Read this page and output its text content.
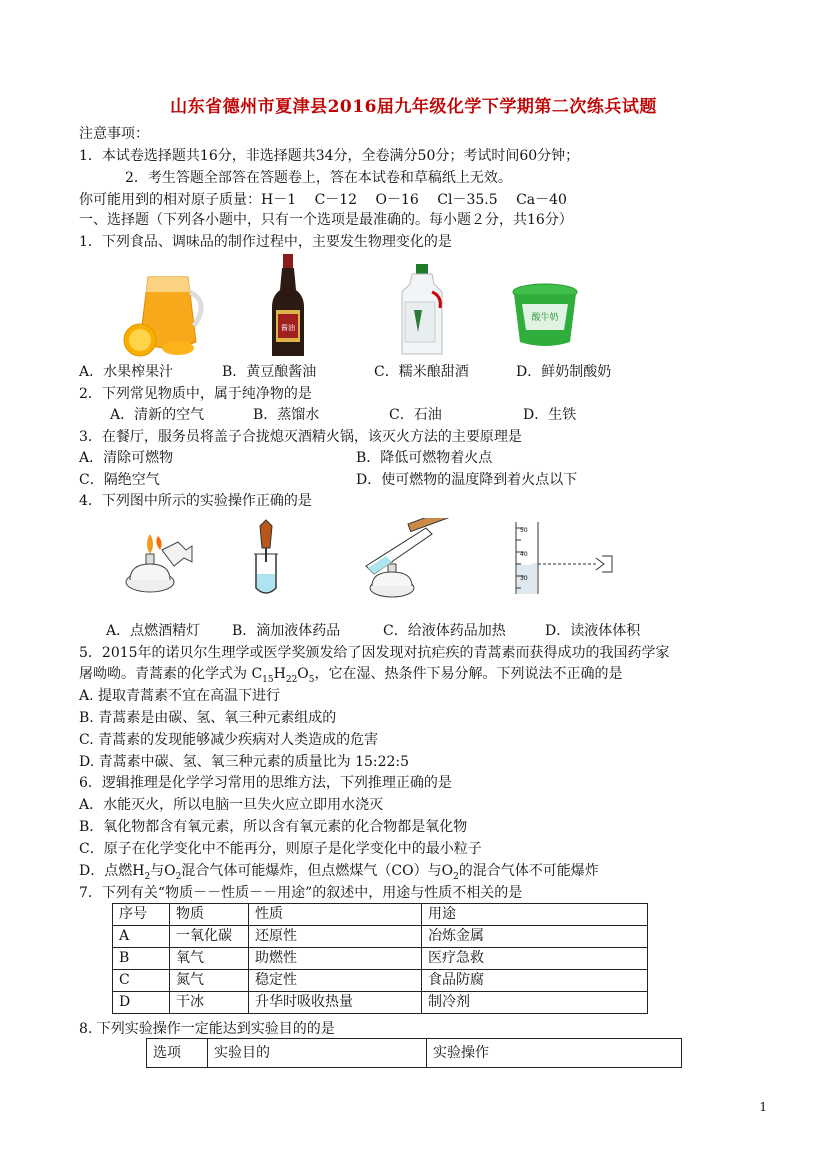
山东省德州市夏津县2016届九年级化学下学期第二次练兵试题
注意事项：
1．本试卷选择题共16分，非选择题共34分，全卷满分50分；考试时间60分钟；
2．考生答题全部答在答题卷上，答在本试卷和草稿纸上无效。
你可能用到的相对原子质量：H－1　 C－12　 O－16　 Cl－35.5　 Ca－40
一、选择题（下列各小题中，只有一个选项是最准确的。每小题２分，共16分）
1．下列食品、调味品的制作过程中，主要发生物理变化的是
酱油
酸牛奶
A．水果榨果汁	B．黄豆酿酱油	C．糯米酿甜酒	D．鲜奶制酸奶
2．下列常见物质中，属于纯净物的是
A．清新的空气	B．蒸馏水	C．石油	D．生铁
3．在餐厅，服务员将盖子合拢熄灭酒精火锅，该灭火方法的主要原理是
A．清除可燃物	B．降低可燃物着火点
C．隔绝空气	D．使可燃物的温度降到着火点以下
4．下列图中所示的实验操作正确的是
50
40
30
A．点燃酒精灯 B．滴加液体药品	C．给液体药品加热	D．读液体体积
5．2015年的诺贝尔生理学或医学奖颁发给了因发现对抗疟疾的青蒿素而获得成功的我国药学家
屠呦呦。青蒿素的化学式为 $C_{15}H_{22}O_5$，它在湿、热条件下易分解。下列说法不正确的是
A. 提取青蒿素不宜在高温下进行
B. 青蒿素是由碳、氢、氧三种元素组成的
C. 青蒿素的发现能够减少疾病对人类造成的危害
D. 青蒿素中碳、氢、氧三种元素的质量比为 15:22:5
6．逻辑推理是化学学习常用的思维方法，下列推理正确的是
A．水能灭火，所以电脑一旦失火应立即用水浇灭
B．氧化物都含有氧元素，所以含有氧元素的化合物都是氧化物
C．原子在化学变化中不能再分，则原子是化学变化中的最小粒子
D．点燃$H_2$与$O_2$混合气体可能爆炸，但点燃煤气（CO）与$O_2$的混合气体不可能爆炸
7．下列有关“物质－－性质－－用途”的叙述中，用途与性质不相关的是
序号	物质	性质	用途
A	一氧化碳	还原性	冶炼金属
B	氧气	助燃性	医疗急救
C	氮气	稳定性	食品防腐
D	干冰	升华时吸收热量	制冷剂
8. 下列实验操作一定能达到实验目的的是
选项	实验目的	实验操作
1
